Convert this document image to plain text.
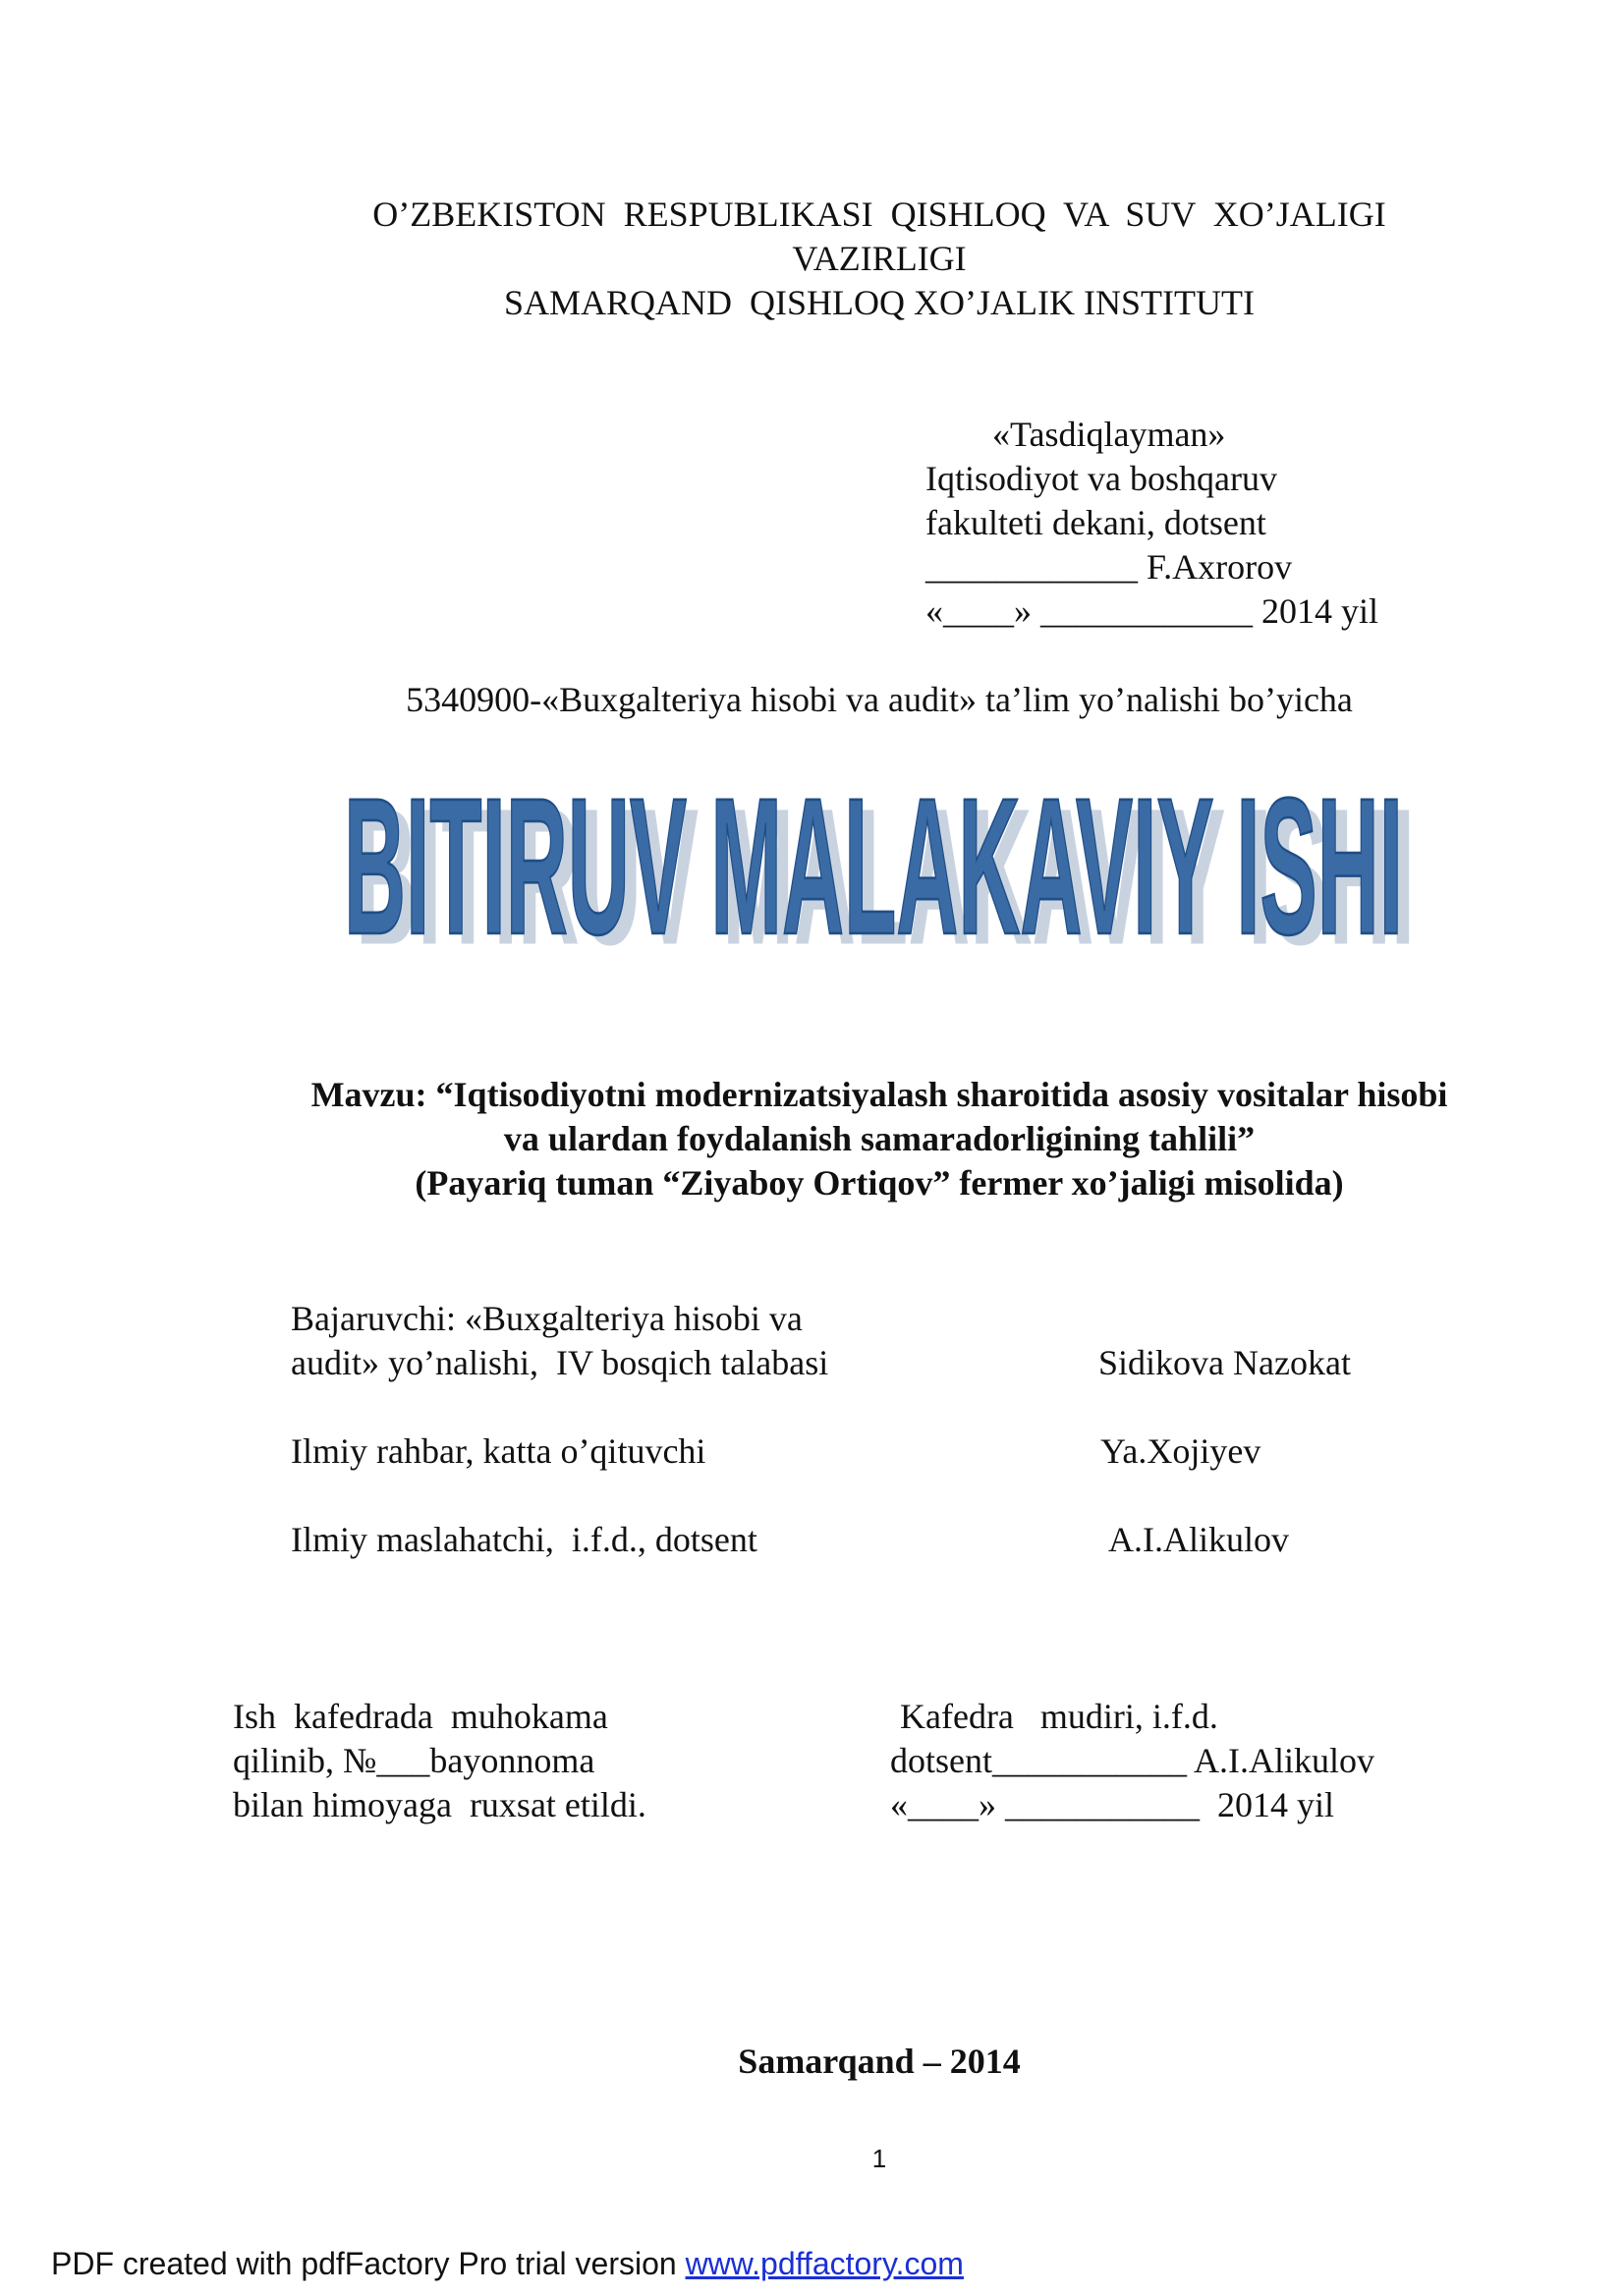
O’ZBEKISTON  RESPUBLIKASI  QISHLOQ  VA  SUV  XO’JALIGI
VAZIRLIGI
SAMARQAND  QISHLOQ XO’JALIK INSTITUTI
«Tasdiqlayman»
Iqtisodiyot va boshqaruv
fakulteti dekani, dotsent
____________ F.Axrorov
«____» ____________ 2014 yil
5340900-«Buxgalteriya hisobi va audit» ta’lim yo’nalishi bo’yicha
BITIRUV MALAKAVIY ISHI
BITIRUV MALAKAVIY ISHI
Mavzu: “Iqtisodiyotni modernizatsiyalash sharoitida asosiy vositalar hisobi
va ulardan foydalanish samaradorligining tahlili”
(Payariq tuman “Ziyaboy Ortiqov” fermer xo’jaligi misolida)
Bajaruvchi: «Buxgalteriya hisobi va
audit» yo’nalishi,  IV bosqich talabasi	Sidikova Nazokat
Ilmiy rahbar, katta o’qituvchi	Ya.Xojiyev
Ilmiy maslahatchi,  i.f.d., dotsent	A.I.Alikulov
Ish  kafedrada  muhokama
qilinib, №___bayonnoma
bilan himoyaga  ruxsat etildi.
Kafedra   mudiri, i.f.d.
dotsent___________ A.I.Alikulov
«____» ___________  2014 yil
Samarqand – 2014
1
PDF created with pdfFactory Pro trial version www.pdffactory.com
